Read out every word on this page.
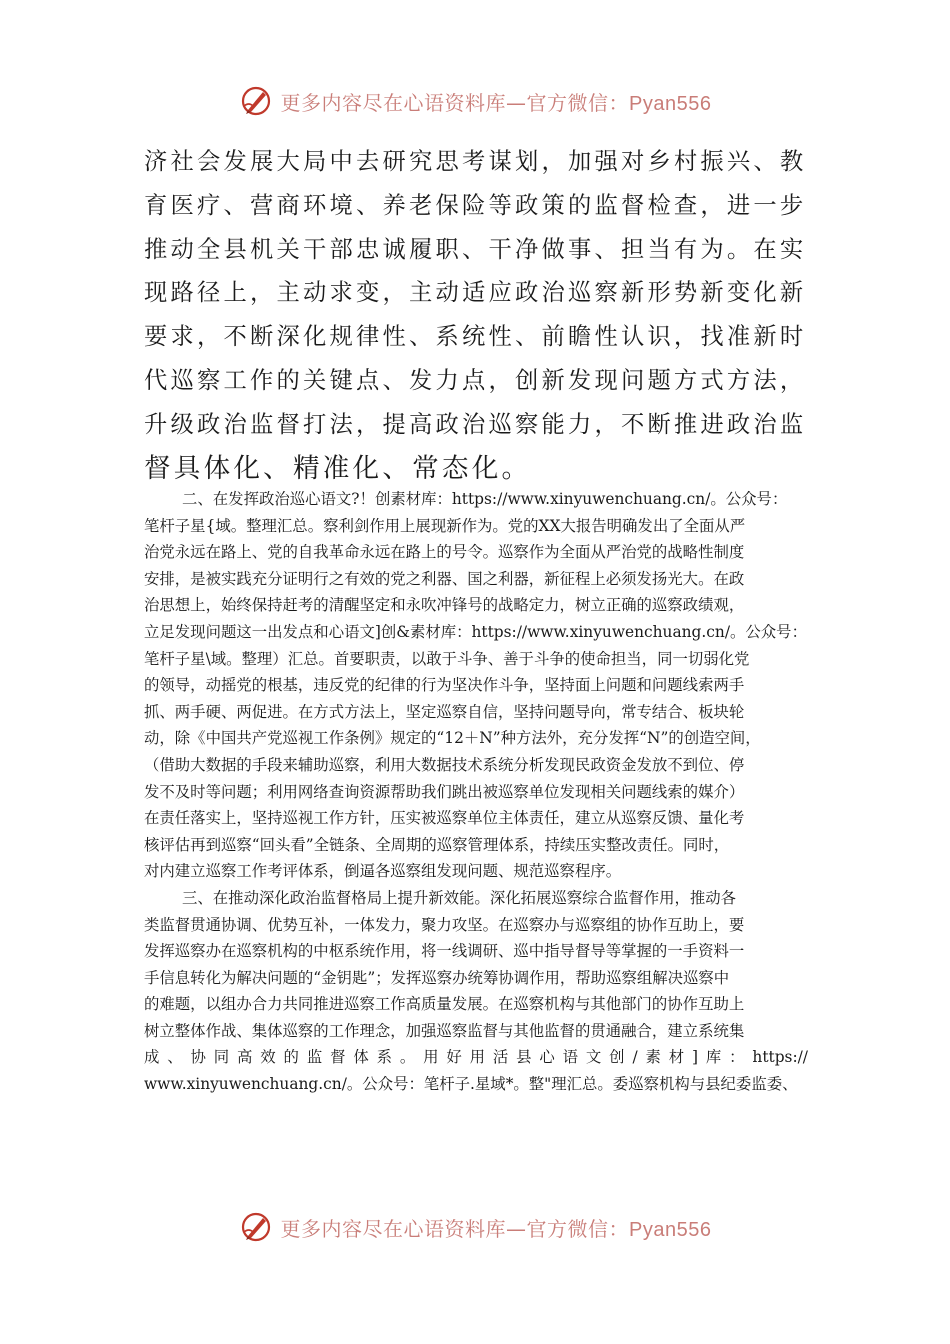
更多内容尽在心语资料库—官方微信：Pyan556
济社会发展大局中去研究思考谋划，加强对乡村振兴、教
育医疗、营商环境、养老保险等政策的监督检查，进一步
推动全县机关干部忠诚履职、干净做事、担当有为。在实
现路径上，主动求变，主动适应政治巡察新形势新变化新
要求，不断深化规律性、系统性、前瞻性认识，找准新时
代巡察工作的关键点、发力点，创新发现问题方式方法，
升级政治监督打法，提高政治巡察能力，不断推进政治监
督具体化、精准化、常态化。
二、在发挥政治巡心语文?！创素材库：https://www.xinyuwenchuang.cn/。公众号：
笔杆子星{域。整理汇总。察利剑作用上展现新作为。党的XX大报告明确发出了全面从严
治党永远在路上、党的自我革命永远在路上的号令。巡察作为全面从严治党的战略性制度
安排，是被实践充分证明行之有效的党之利器、国之利器，新征程上必须发扬光大。在政
治思想上，始终保持赶考的清醒坚定和永吹冲锋号的战略定力，树立正确的巡察政绩观，
立足发现问题这一出发点和心语文]创&素材库：https://www.xinyuwenchuang.cn/。公众号：
笔杆子星\域。整理）汇总。首要职责，以敢于斗争、善于斗争的使命担当，同一切弱化党
的领导，动摇党的根基，违反党的纪律的行为坚决作斗争，坚持面上问题和问题线索两手
抓、两手硬、两促进。在方式方法上，坚定巡察自信，坚持问题导向，常专结合、板块轮
动，除《中国共产党巡视工作条例》规定的“12＋N”种方法外，充分发挥“N”的创造空间，
（借助大数据的手段来辅助巡察，利用大数据技术系统分析发现民政资金发放不到位、停
发不及时等问题；利用网络查询资源帮助我们跳出被巡察单位发现相关问题线索的媒介）
在责任落实上，坚持巡视工作方针，压实被巡察单位主体责任，建立从巡察反馈、量化考
核评估再到巡察“回头看”全链条、全周期的巡察管理体系，持续压实整改责任。同时，
对内建立巡察工作考评体系，倒逼各巡察组发现问题、规范巡察程序。
三、在推动深化政治监督格局上提升新效能。深化拓展巡察综合监督作用，推动各
类监督贯通协调、优势互补，一体发力，聚力攻坚。在巡察办与巡察组的协作互助上，要
发挥巡察办在巡察机构的中枢系统作用，将一线调研、巡中指导督导等掌握的一手资料一
手信息转化为解决问题的“金钥匙”；发挥巡察办统筹协调作用，帮助巡察组解决巡察中
的难题，以组办合力共同推进巡察工作高质量发展。在巡察机构与其他部门的协作互助上
树立整体作战、集体巡察的工作理念，加强巡察监督与其他监督的贯通融合，建立系统集
成、协同高效的监督体系。用好用活县心语文创/素材]库：https://
www.xinyuwenchuang.cn/。公众号：笔杆子.星域*。整"理汇总。委巡察机构与县纪委监委、
更多内容尽在心语资料库—官方微信：Pyan556
